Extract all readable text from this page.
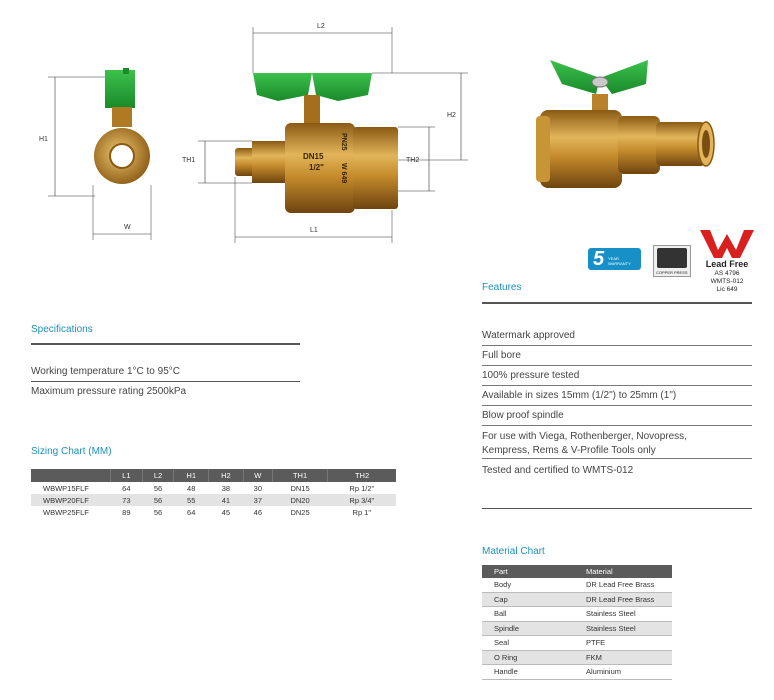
H1
W
DN15
1/2"
PN25
W 649
L2
H2
TH1	TH2
L1
5 YEAR WARRANTY
COPPER PRESS
Lead Free
AS 4796
WMTS-012
Lic 649
Specifications
Working temperature 1°C to 95°C
Maximum pressure rating 2500kPa
Sizing Chart (MM)
	L1	L2	H1	H2	W	TH1	TH2
WBWP15FLF	64	56	48	38	30	DN15	Rp 1/2"
WBWP20FLF	73	56	55	41	37	DN20	Rp 3/4"
WBWP25FLF	89	56	64	45	46	DN25	Rp 1"
Features
Watermark approved
Full bore
100% pressure tested
Available in sizes 15mm (1/2") to 25mm (1")
Blow proof spindle
For use with Viega, Rothenberger, Novopress,
Kempress, Rems & V-Profile Tools only
Tested and certified to WMTS-012
Material Chart
Part	Material
Body	DR Lead Free Brass
Cap	DR Lead Free Brass
Ball	Stainless Steel
Spindle	Stainless Steel
Seal	PTFE
O Ring	FKM
Handle	Aluminium
